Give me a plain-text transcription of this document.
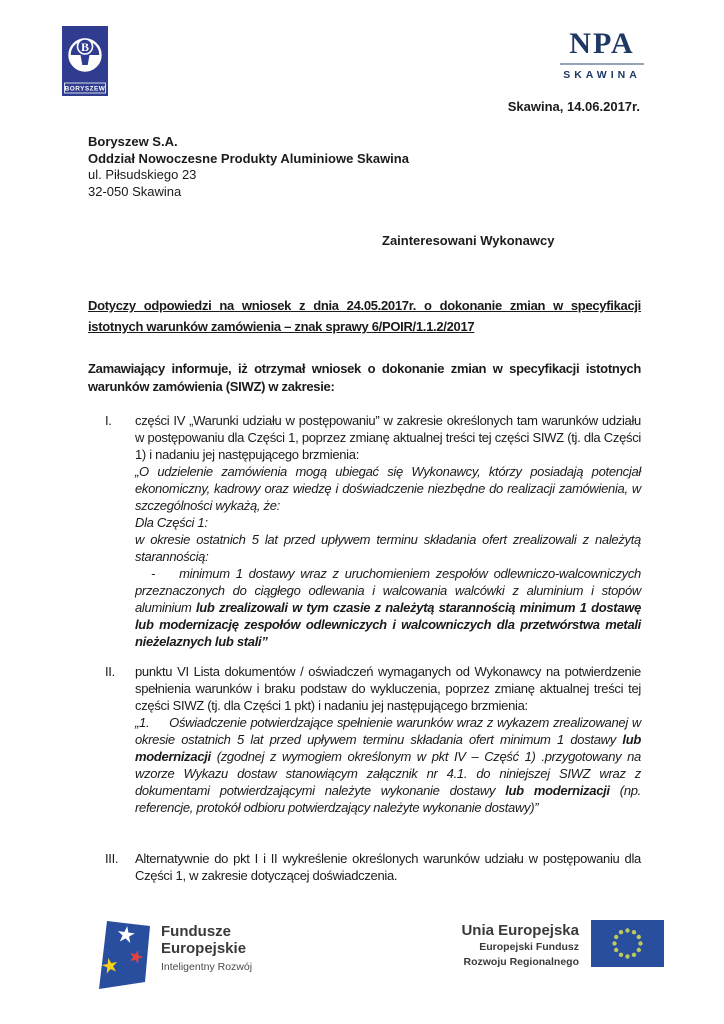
B
BORYSZEW
NPA
SKAWINA
Skawina, 14.06.2017r.
Boryszew S.A.
Oddział Nowoczesne Produkty Aluminiowe Skawina
ul. Piłsudskiego 23
32-050 Skawina
Zainteresowani Wykonawcy
Dotyczy odpowiedzi na wniosek z dnia 24.05.2017r. o dokonanie zmian w specyfikacji istotnych warunków zamówienia – znak sprawy 6/POIR/1.1.2/2017
Zamawiający informuje, iż otrzymał wniosek o dokonanie zmian w specyfikacji istotnych warunków zamówienia (SIWZ) w zakresie:
I.	części IV „Warunki udziału w postępowaniu” w zakresie określonych tam warunków udziału w postępowaniu dla Części 1, poprzez zmianę aktualnej treści tej części SIWZ (tj. dla Części 1) i nadaniu jej następującego brzmienia:
„O udzielenie zamówienia mogą ubiegać się Wykonawcy, którzy posiadają potencjał ekonomiczny, kadrowy oraz wiedzę i doświadczenie niezbędne do realizacji zamówienia, w szczególności wykażą, że:
Dla Części 1:
w okresie ostatnich 5 lat przed upływem terminu składania ofert zrealizowali z należytą starannością:
-    minimum 1 dostawy wraz z uruchomieniem zespołów odlewniczo-walcowniczych przeznaczonych do ciągłego odlewania i walcowania walcówki z aluminium i stopów aluminium lub zrealizowali w tym czasie z należytą starannością minimum 1 dostawę lub modernizację zespołów odlewniczych i walcowniczych dla przetwórstwa metali nieżelaznych lub stali”
II.	punktu VI Lista dokumentów / oświadczeń wymaganych od Wykonawcy na potwierdzenie spełnienia warunków i braku podstaw do wykluczenia, poprzez zmianę aktualnej treści tej części SIWZ (tj. dla Części 1 pkt) i nadaniu jej następującego brzmienia:
„1.     Oświadczenie potwierdzające spełnienie warunków wraz z wykazem zrealizowanej w okresie ostatnich 5 lat przed upływem terminu składania ofert minimum 1 dostawy lub modernizacji (zgodnej z wymogiem określonym w pkt IV – Część 1) .przygotowany na wzorze Wykazu dostaw stanowiącym załącznik nr 4.1. do niniejszej SIWZ wraz z dokumentami potwierdzającymi należyte wykonanie dostawy lub modernizacji (np. referencje, protokół odbioru potwierdzający należyte wykonanie dostawy)”
III.	Alternatywnie do pkt I i II wykreślenie określonych warunków udziału w postępowaniu dla Części 1, w zakresie dotyczącej doświadczenia.
Fundusze
Europejskie
Inteligentny Rozwój
Unia Europejska
Europejski Fundusz
Rozwoju Regionalnego
